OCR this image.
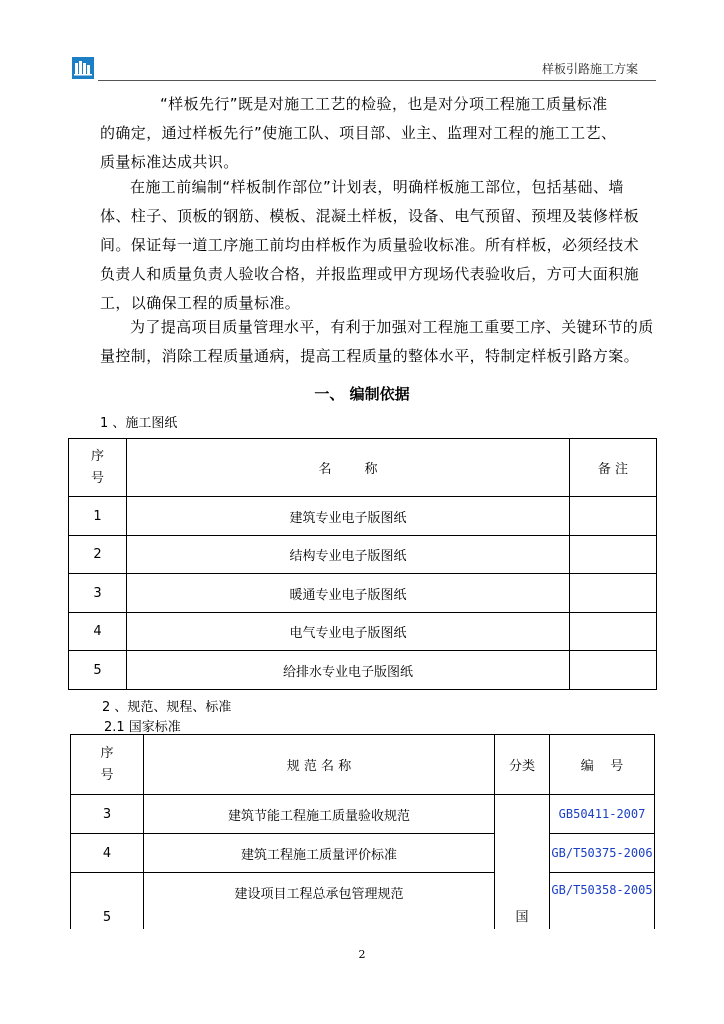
样板引路施工方案
“样板先行”既是对施工工艺的检验，也是对分项工程施工质量标准
的确定，通过样板先行”使施工队、项目部、业主、监理对工程的施工工艺、
质量标准达成共识。
在施工前编制“样板制作部位”计划表，明确样板施工部位，包括基础、墙
体、柱子、顶板的钢筋、模板、混凝土样板，设备、电气预留、预埋及装修样板
间。保证每一道工序施工前均由样板作为质量验收标准。所有样板，必须经技术
负责人和质量负责人验收合格，并报监理或甲方现场代表验收后，方可大面积施
工，以确保工程的质量标准。
为了提高项目质量管理水平，有利于加强对工程施工重要工序、关键环节的质
量控制，消除工程质量通病，提高工程质量的整体水平，特制定样板引路方案。
一、 编制依据
1 、施工图纸
序
号	名        称	备 注
1	建筑专业电子版图纸	
2	结构专业电子版图纸	
3	暖通专业电子版图纸	
4	电气专业电子版图纸	
5	给排水专业电子版图纸	
2 、规范、规程、标准
2.1 国家标准
序
号	规 范 名 称	分类	编    号
3	建筑节能工程施工质量验收规范	国	GB50411-2007
4	建筑工程施工质量评价标准		GB/T50375-2006
5	建设项目工程总承包管理规范		GB/T50358-2005
2
